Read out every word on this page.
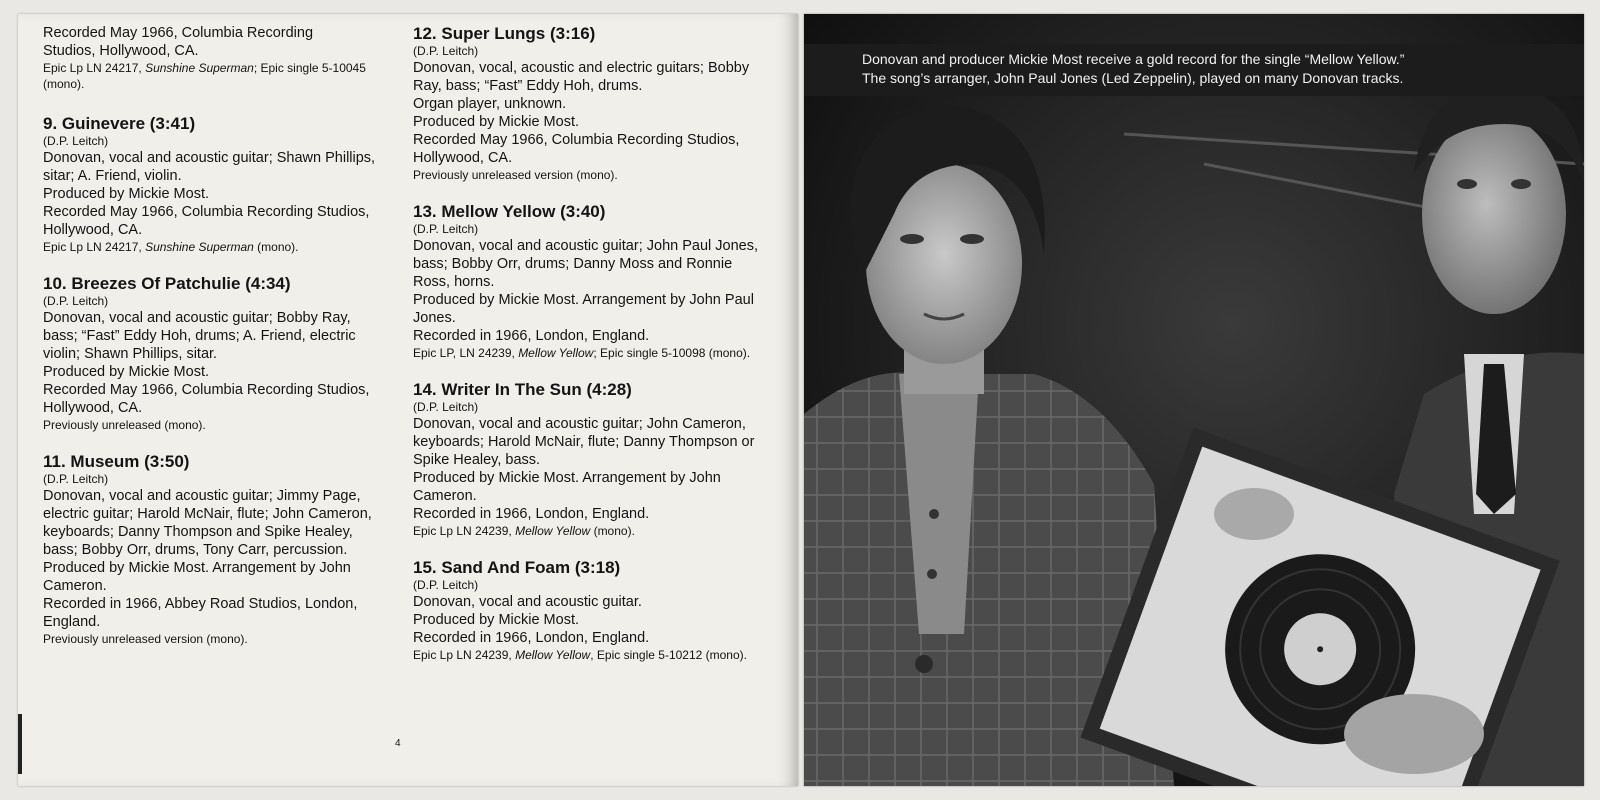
Recorded May 1966, Columbia Recording
Studios, Hollywood, CA.
Epic Lp LN 24217, Sunshine Superman; Epic single 5-10045 (mono).
9. Guinevere (3:41)
(D.P. Leitch)
Donovan, vocal and acoustic guitar; Shawn Phillips, sitar; A. Friend, violin.
Produced by Mickie Most.
Recorded May 1966, Columbia Recording Studios, Hollywood, CA.
Epic Lp LN 24217, Sunshine Superman (mono).
10. Breezes Of Patchulie (4:34)
(D.P. Leitch)
Donovan, vocal and acoustic guitar; Bobby Ray, bass; “Fast” Eddy Hoh, drums; A. Friend, electric violin; Shawn Phillips, sitar.
Produced by Mickie Most.
Recorded May 1966, Columbia Recording Studios, Hollywood, CA.
Previously unreleased (mono).
11. Museum (3:50)
(D.P. Leitch)
Donovan, vocal and acoustic guitar; Jimmy Page, electric guitar; Harold McNair, flute; John Cameron, keyboards; Danny Thompson and Spike Healey, bass; Bobby Orr, drums, Tony Carr, percussion.
Produced by Mickie Most. Arrangement by John Cameron.
Recorded in 1966, Abbey Road Studios, London, England.
Previously unreleased version (mono).
12. Super Lungs (3:16)
(D.P. Leitch)
Donovan, vocal, acoustic and electric guitars; Bobby Ray, bass; “Fast” Eddy Hoh, drums.
Organ player, unknown.
Produced by Mickie Most.
Recorded May 1966, Columbia Recording Studios, Hollywood, CA.
Previously unreleased version (mono).
13. Mellow Yellow (3:40)
(D.P. Leitch)
Donovan, vocal and acoustic guitar; John Paul Jones, bass; Bobby Orr, drums; Danny Moss and Ronnie Ross, horns.
Produced by Mickie Most. Arrangement by John Paul Jones.
Recorded in 1966, London, England.
Epic LP, LN 24239, Mellow Yellow; Epic single 5-10098 (mono).
14. Writer In The Sun (4:28)
(D.P. Leitch)
Donovan, vocal and acoustic guitar; John Cameron, keyboards; Harold McNair, flute; Danny Thompson or Spike Healey, bass.
Produced by Mickie Most. Arrangement by John Cameron.
Recorded in 1966, London, England.
Epic Lp LN 24239, Mellow Yellow (mono).
15. Sand And Foam (3:18)
(D.P. Leitch)
Donovan, vocal and acoustic guitar.
Produced by Mickie Most.
Recorded in 1966, London, England.
Epic Lp LN 24239, Mellow Yellow, Epic single 5-10212 (mono).
4
Donovan and producer Mickie Most receive a gold record for the single “Mellow Yellow.”
The song’s arranger, John Paul Jones (Led Zeppelin), played on many Donovan tracks.
